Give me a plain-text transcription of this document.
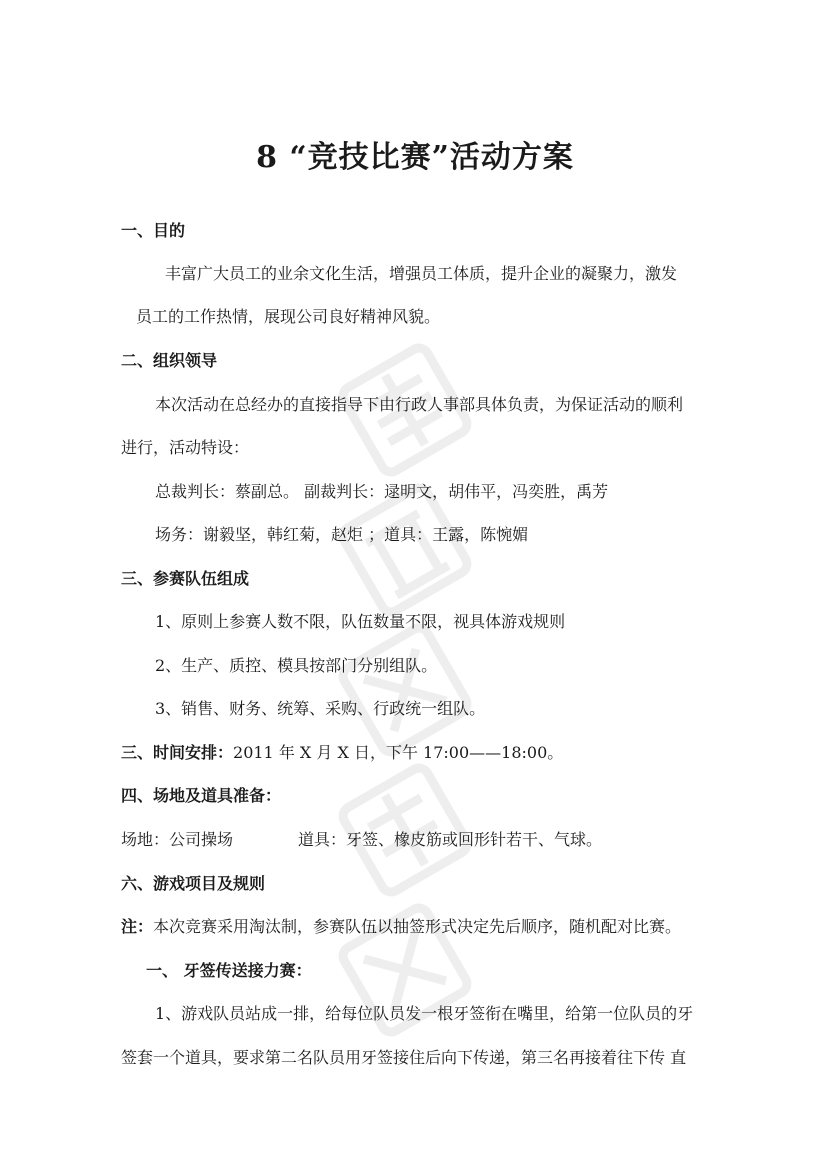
8 “竞技比赛”活动方案
一、目的
丰富广大员工的业余文化生活，增强员工体质，提升企业的凝聚力，激发
员工的工作热情，展现公司良好精神风貌。
二、组织领导
本次活动在总经办的直接指导下由行政人事部具体负责，为保证活动的顺利
进行，活动特设：
总裁判长：蔡副总。 副裁判长：逯明文，胡伟平，冯奕胜，禹芳
场务：谢毅坚，韩红菊，赵炬 ；道具：王露，陈惋媚
三、参赛队伍组成
1、原则上参赛人数不限，队伍数量不限，视具体游戏规则
2、生产、质控、模具按部门分别组队。
3、销售、财务、统筹、采购、行政统一组队。
三、时间安排：2011 年 X 月 X 日，下午 17:00——18:00。
四、场地及道具准备：
场地：公司操场	道具：牙签、橡皮筋或回形针若干、气球。
六、游戏项目及规则
注：本次竞赛采用淘汰制，参赛队伍以抽签形式决定先后顺序，随机配对比赛。
一、 牙签传送接力赛：
1、游戏队员站成一排，给每位队员发一根牙签衔在嘴里，给第一位队员的牙
签套一个道具，要求第二名队员用牙签接住后向下传递，第三名再接着往下传 直
